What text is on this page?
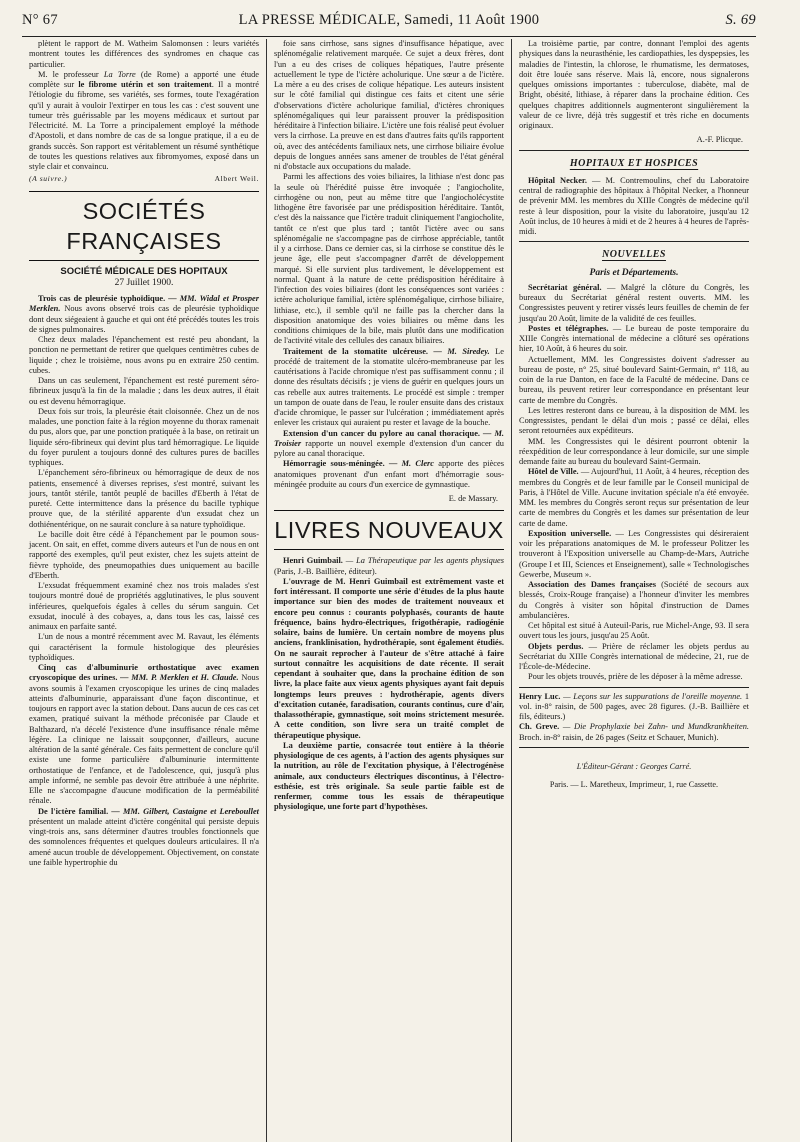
N° 67	LA PRESSE MÉDICALE, Samedi, 11 Août 1900	S. 69

plètent le rapport de M. Watheim Salomonsen : leurs variétés montrent toutes les différences des syndromes en chaque cas particulier.

M. le professeur La Torre (de Rome) a apporté une étude complète sur le fibrome utérin et son traitement. Il a montré l'étiologie du fibrome, ses variétés, ses formes, toute l'exagération qu'il y aurait à vouloir l'extirper en tous les cas : c'est souvent une tumeur très guérissable par les moyens médicaux et surtout par l'électricité. M. La Torre a principalement employé la méthode d'Apostoli, et dans nombre de cas de sa longue pratique, il a eu de grands succès. Son rapport est véritablement un résumé synthétique de toutes les questions relatives aux fibromyomes, exposé dans un style clair et convaincu.

(A suivre.)	Albert Weil.
SOCIÉTÉS FRANÇAISES
SOCIÉTÉ MÉDICALE DES HOPITAUX
27 Juillet 1900.

Trois cas de pleurésie typhoïdique. — MM. Widal et Prosper Merklen. Nous avons observé trois cas de pleurésie typhoïdique dont deux siégeaient à gauche et qui ont été précédés toutes les trois de signes pulmonaires.

Chez deux malades l'épanchement est resté peu abondant, la ponction ne permettant de retirer que quelques centimètres cubes de liquide ; chez le troisième, nous avons pu en extraire 250 centim. cubes.

Dans un cas seulement, l'épanchement est resté purement séro-fibrineux jusqu'à la fin de la maladie ; dans les deux autres, il était ou est devenu hémorragique.

Deux fois sur trois, la pleurésie était cloisonnée. Chez un de nos malades, une ponction faite à la région moyenne du thorax ramenait du pus, alors que, par une ponction pratiquée à la base, on retirait un liquide séro-fibrineux qui devint plus tard hémorragique. Le liquide du foyer purulent a toujours donné des cultures pures de bacilles typhiques.

L'épanchement séro-fibrineux ou hémorragique de deux de nos patients, ensemencé à diverses reprises, s'est montré, suivant les jours, tantôt stérile, tantôt peuplé de bacilles d'Eberth à l'état de pureté. Cette intermittence dans la présence du bacille typhique prouve que, de la stérilité apparente d'un exsudat chez un dothiénentérique, on ne saurait conclure à sa nature typhoïdique.

Le bacille doit être cédé à l'épanchement par le poumon sous-jacent. On sait, en effet, comme divers auteurs et l'un de nous en ont rapporté des exemples, qu'il peut exister, chez les sujets atteint de fièvre typhoïde, des pneumopathies dues uniquement au bacille d'Eberth.

L'exsudat fréquemment examiné chez nos trois malades s'est toujours montré doué de propriétés agglutinatives, le plus souvent inférieures, quelquefois égales à celles du sérum sanguin. Cet exsudat, inoculé à des cobayes, a, dans tous les cas, laissé ces animaux en parfaite santé.

L'un de nous a montré récemment avec M. Ravaut, les éléments qui caractérisent la formule histologique des pleurésies typhoïdiques.

Cinq cas d'albuminurie orthostatique avec examen cryoscopique des urines. — MM. P. Merklen et H. Claude. Nous avons soumis à l'examen cryoscopique les urines de cinq malades atteints d'albuminurie, apparaissant d'une façon discontinue, et toujours en rapport avec la station debout. Dans aucun de ces cas cet examen, pratiqué suivant la méthode préconisée par Claude et Balthazard, n'a décelé l'existence d'une insuffisance rénale même légère. La clinique ne laissait soupçonner, d'ailleurs, aucune altération de la santé générale. Ces faits permettent de conclure qu'il existe une forme particulière d'albuminurie intermittente orthostatique de l'enfance, et de l'adolescence, qui, jusqu'à plus ample informé, ne semble pas devoir être attribuée à une néphrite. Elle ne s'accompagne d'aucune modification de la perméabilité rénale.

De l'ictère familial. — MM. Gilbert, Castaigne et Lereboullet présentent un malade atteint d'ictère congénital qui persiste depuis vingt-trois ans, sans déterminer d'autres troubles fonctionnels que des somnolences fréquentes et quelques douleurs articulaires. Il n'a amené aucun trouble de développement. Objectivement, on constate une faible hypertrophie du

foie sans cirrhose, sans signes d'insuffisance hépatique, avec splénomégalie relativement marquée. Ce sujet a deux frères, dont l'un a eu des crises de coliques hépatiques, l'autre présente actuellement le type de l'ictère acholurique. Une sœur a de l'ictère. La mère a eu des crises de colique hépatique. Les auteurs insistent sur le côté familial qui distingue ces faits et citent une série d'observations d'ictère acholurique familial, d'ictères chroniques splénomégaliques qui leur paraissent prouver la prédisposition héréditaire à l'infection biliaire. L'ictère une fois réalisé peut évoluer vers la cirrhose. La preuve en est dans d'autres faits qu'ils rapportent où, avec des antécédents familiaux nets, une cirrhose biliaire évolue depuis de longues années sans amener de troubles de l'état général ni d'obstacle aux occupations du malade.

Parmi les affections des voies biliaires, la lithiase n'est donc pas la seule où l'hérédité puisse être invoquée ; l'angiocholite, cirrhogène ou non, peut au même titre que l'angiocholécystite lithogène être favorisée par une prédisposition héréditaire. Tantôt, c'est dès la naissance que l'ictère traduit cliniquement l'angiocholite, tantôt ce n'est que plus tard ; tantôt l'ictère avec ou sans splénomégalie ne s'accompagne pas de cirrhose appréciable, tantôt il y a cirrhose. Dans ce dernier cas, si la cirrhose se constitue dès le jeune âge, elle peut s'accompagner d'arrêt de développement marqué. Si elle survient plus tardivement, le développement est normal. Quant à la nature de cette prédisposition héréditaire à l'infection des voies biliaires (dont les conséquences sont variées : ictère acholurique familial, ictère splénomégalique, cirrhose biliaire, lithiase, etc.), il semble qu'il ne faille pas la chercher dans la disposition anatomique des voies biliaires ou même dans les conditions chimiques de la bile, mais plutôt dans une modification de l'activité vitale des cellules des canaux biliaires.

Traitement de la stomatite ulcéreuse. — M. Siredey. Le procédé de traitement de la stomatite ulcéro-membraneuse par les cautérisations à l'acide chromique n'est pas suffisamment connu ; il donne des résultats décisifs ; je viens de guérir en quelques jours un cas rebelle aux autres traitements. Le procédé est simple : tremper un tampon de ouate dans de l'eau, le rouler ensuite dans des cristaux d'acide chromique, le passer sur l'ulcération ; immédiatement après enlever les cristaux qui auraient pu rester et lavage de la bouche.

Extension d'un cancer du pylore au canal thoracique. — M. Troisier rapporte un nouvel exemple d'extension d'un cancer du pylore au canal thoracique.

Hémorragie sous-méningée. — M. Clerc apporte des pièces anatomiques provenant d'un enfant mort d'hémorragie sous-méningée produite au cours d'un exercice de gymnastique.

E. de Massary.
LIVRES NOUVEAUX

Henri Guimbail. — La Thérapeutique par les agents physiques (Paris, J.-B. Baillière, éditeur).

L'ouvrage de M. Henri Guimbail est extrêmement vaste et fort intéressant. Il comporte une série d'études de la plus haute importance sur bien des modes de traitement nouveaux et encore peu connus : courants polyphasés, courants de haute fréquence, bains hydro-électriques, frigothérapie, radiogénie solaire, bains de lumière. Un certain nombre de moyens plus anciens, franklinisation, hydrothérapie, sont également étudiés. On ne saurait reprocher à l'auteur de s'être attaché à faire surtout connaître les acquisitions de date récente. Il serait cependant à souhaiter que, dans la prochaine édition de son livre, la place faite aux vieux agents physiques ayant fait depuis longtemps leurs preuves : hydrothérapie, agents divers d'excitation cutanée, faradisation, courants continus, cure d'air, thalassothérapie, gymnastique, soit moins strictement mesurée. A cette condition, son livre sera un traité complet de thérapeutique physique.

La deuxième partie, consacrée tout entière à la théorie physiologique de ces agents, à l'action des agents physiques sur la nutrition, au rôle de l'excitation physique, à l'électrogénèse animale, aux conducteurs électriques discontinus, à l'électro-esthésie, est très originale. Sa seule partie faible est de renfermer, comme tous les essais de thérapeutique physiologique, une forte part d'hypothèses.

La troisième partie, par contre, donnant l'emploi des agents physiques dans la neurasthénie, les cardiopathies, les dyspepsies, les maladies de l'intestin, la chlorose, le rhumatisme, les dermatoses, doit être louée sans réserve. Mais là, encore, nous signalerons quelques omissions importantes : tuberculose, diabète, mal de Bright, obésité, lithiase, à réparer dans la prochaine édition. Ces quelques chapitres additionnels augmenteront singulièrement la valeur de ce livre, déjà très suggestif et très riche en documents originaux.

A.-F. Plicque.
HOPITAUX ET HOSPICES

Hôpital Necker. — M. Contremoulins, chef du Laboratoire central de radiographie des hôpitaux à l'hôpital Necker, a l'honneur de prévenir MM. les membres du XIIIe Congrès de médecine qu'il reste à leur disposition, pour la visite du laboratoire, jusqu'au 12 Août inclus, de 10 heures à midi et de 2 heures à 4 heures de l'après-midi.

NOUVELLES
Paris et Départements.

Secrétariat général. — Malgré la clôture du Congrès, les bureaux du Secrétariat général restent ouverts. MM. les Congressistes peuvent y retirer vissés leurs feuilles de chemin de fer jusqu'au 20 Août, limite de la validité de ces feuilles.

Postes et télégraphes. — Le bureau de poste temporaire du XIIIe Congrès international de médecine a clôturé ses opérations hier, 10 Août, à 6 heures du soir.

Actuellement, MM. les Congressistes doivent s'adresser au bureau de poste, n° 25, situé boulevard Saint-Germain, n° 118, au coin de la rue Danton, en face de la Faculté de médecine. Dans ce bureau, ils peuvent retirer leur correspondance en présentant leur carte de membre du Congrès.

Les lettres resteront dans ce bureau, à la disposition de MM. les Congressistes, pendant le délai d'un mois ; passé ce délai, elles seront retournées aux expéditeurs.

MM. les Congressistes qui le désirent pourront obtenir la réexpédition de leur correspondance à leur domicile, sur une simple demande faite au bureau du boulevard Saint-Germain.

Hôtel de Ville. — Aujourd'hui, 11 Août, à 4 heures, réception des membres du Congrès et de leur famille par le Conseil municipal de Paris, à l'Hôtel de Ville. Aucune invitation spéciale n'a été envoyée. MM. les membres du Congrès seront reçus sur présentation de leur carte de membres du Congrès et les dames sur présentation de leur carte de dame.

Exposition universelle. — Les Congressistes qui désireraient voir les préparations anatomiques de M. le professeur Politzer les trouveront à l'Exposition universelle au Champ-de-Mars, Autriche (Groupe I et III, Sciences et Enseignement), salle « Technologisches Gewerbe, Museum ».

Association des Dames françaises (Société de secours aux blessés, Croix-Rouge française) a l'honneur d'inviter les membres du Congrès à visiter son hôpital d'instruction de Dames ambulancières.

Cet hôpital est situé à Auteuil-Paris, rue Michel-Ange, 93. Il sera ouvert tous les jours, jusqu'au 25 Août.

Objets perdus. — Prière de réclamer les objets perdus au Secrétariat du XIIIe Congrès international de médecine, 21, rue de l'École-de-Médecine.

Pour les objets trouvés, prière de les déposer à la même adresse.

Henry Luc. — Leçons sur les suppurations de l'oreille moyenne. 1 vol. in-8° raisin, de 500 pages, avec 28 figures. (J.-B. Baillière et fils, éditeurs.)

Ch. Greve. — Die Prophylaxie bei Zahn- und Mundkrankheiten. Broch. in-8° raisin, de 26 pages (Seitz et Schauer, Munich).

L'Éditeur-Gérant : Georges Carré.
Paris. — L. Maretheux, Imprimeur, 1, rue Cassette.
